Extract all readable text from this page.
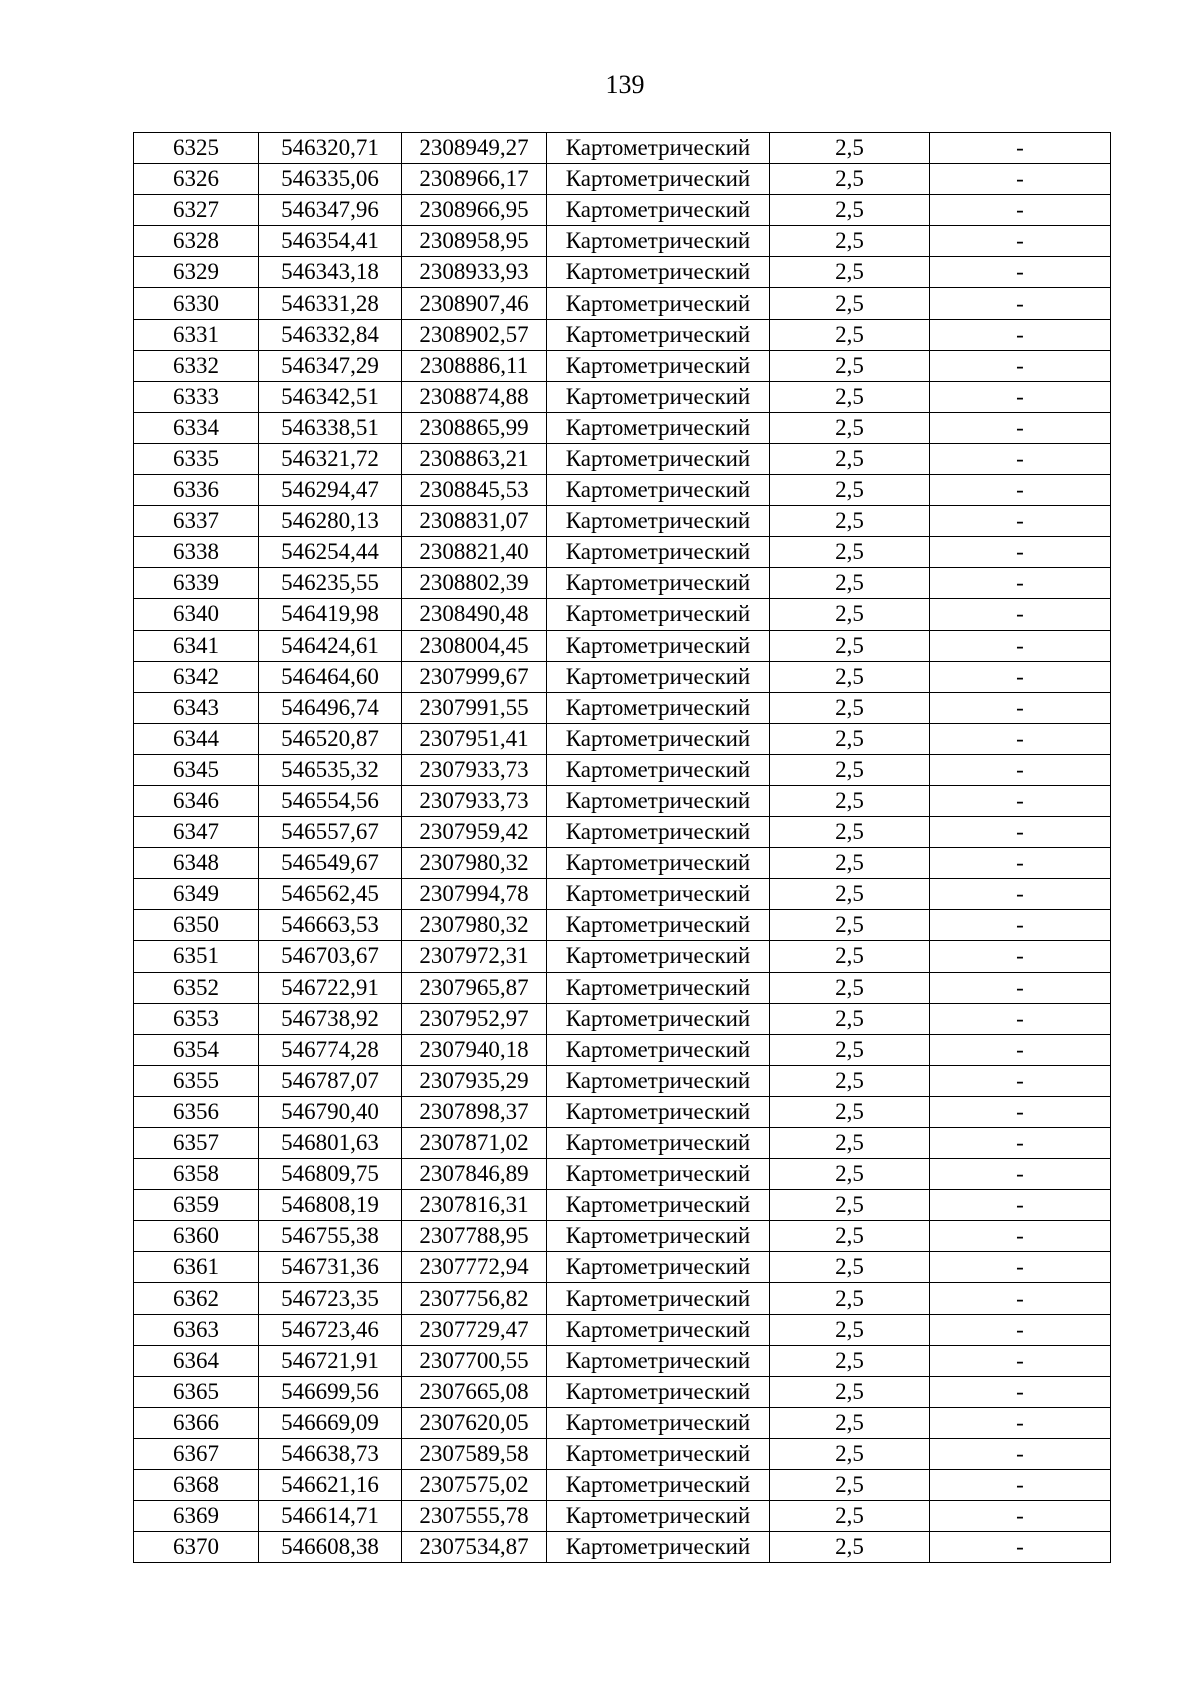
139
6325	546320,71	2308949,27	Картометрический	2,5	-
6326	546335,06	2308966,17	Картометрический	2,5	-
6327	546347,96	2308966,95	Картометрический	2,5	-
6328	546354,41	2308958,95	Картометрический	2,5	-
6329	546343,18	2308933,93	Картометрический	2,5	-
6330	546331,28	2308907,46	Картометрический	2,5	-
6331	546332,84	2308902,57	Картометрический	2,5	-
6332	546347,29	2308886,11	Картометрический	2,5	-
6333	546342,51	2308874,88	Картометрический	2,5	-
6334	546338,51	2308865,99	Картометрический	2,5	-
6335	546321,72	2308863,21	Картометрический	2,5	-
6336	546294,47	2308845,53	Картометрический	2,5	-
6337	546280,13	2308831,07	Картометрический	2,5	-
6338	546254,44	2308821,40	Картометрический	2,5	-
6339	546235,55	2308802,39	Картометрический	2,5	-
6340	546419,98	2308490,48	Картометрический	2,5	-
6341	546424,61	2308004,45	Картометрический	2,5	-
6342	546464,60	2307999,67	Картометрический	2,5	-
6343	546496,74	2307991,55	Картометрический	2,5	-
6344	546520,87	2307951,41	Картометрический	2,5	-
6345	546535,32	2307933,73	Картометрический	2,5	-
6346	546554,56	2307933,73	Картометрический	2,5	-
6347	546557,67	2307959,42	Картометрический	2,5	-
6348	546549,67	2307980,32	Картометрический	2,5	-
6349	546562,45	2307994,78	Картометрический	2,5	-
6350	546663,53	2307980,32	Картометрический	2,5	-
6351	546703,67	2307972,31	Картометрический	2,5	-
6352	546722,91	2307965,87	Картометрический	2,5	-
6353	546738,92	2307952,97	Картометрический	2,5	-
6354	546774,28	2307940,18	Картометрический	2,5	-
6355	546787,07	2307935,29	Картометрический	2,5	-
6356	546790,40	2307898,37	Картометрический	2,5	-
6357	546801,63	2307871,02	Картометрический	2,5	-
6358	546809,75	2307846,89	Картометрический	2,5	-
6359	546808,19	2307816,31	Картометрический	2,5	-
6360	546755,38	2307788,95	Картометрический	2,5	-
6361	546731,36	2307772,94	Картометрический	2,5	-
6362	546723,35	2307756,82	Картометрический	2,5	-
6363	546723,46	2307729,47	Картометрический	2,5	-
6364	546721,91	2307700,55	Картометрический	2,5	-
6365	546699,56	2307665,08	Картометрический	2,5	-
6366	546669,09	2307620,05	Картометрический	2,5	-
6367	546638,73	2307589,58	Картометрический	2,5	-
6368	546621,16	2307575,02	Картометрический	2,5	-
6369	546614,71	2307555,78	Картометрический	2,5	-
6370	546608,38	2307534,87	Картометрический	2,5	-
